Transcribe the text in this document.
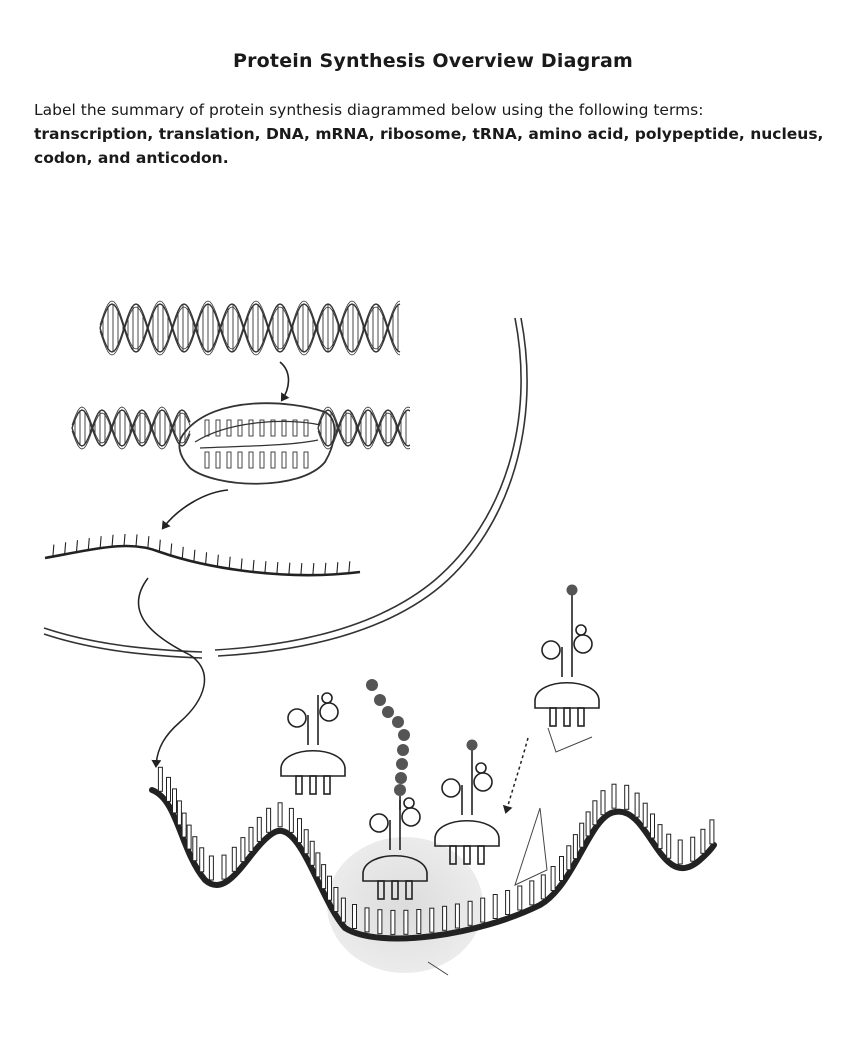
Protein Synthesis Overview Diagram
Label the summary of protein synthesis diagrammed below using the following terms:
transcription, translation, DNA, mRNA, ribosome, tRNA, amino acid, polypeptide, nucleus, codon, and anticodon.
